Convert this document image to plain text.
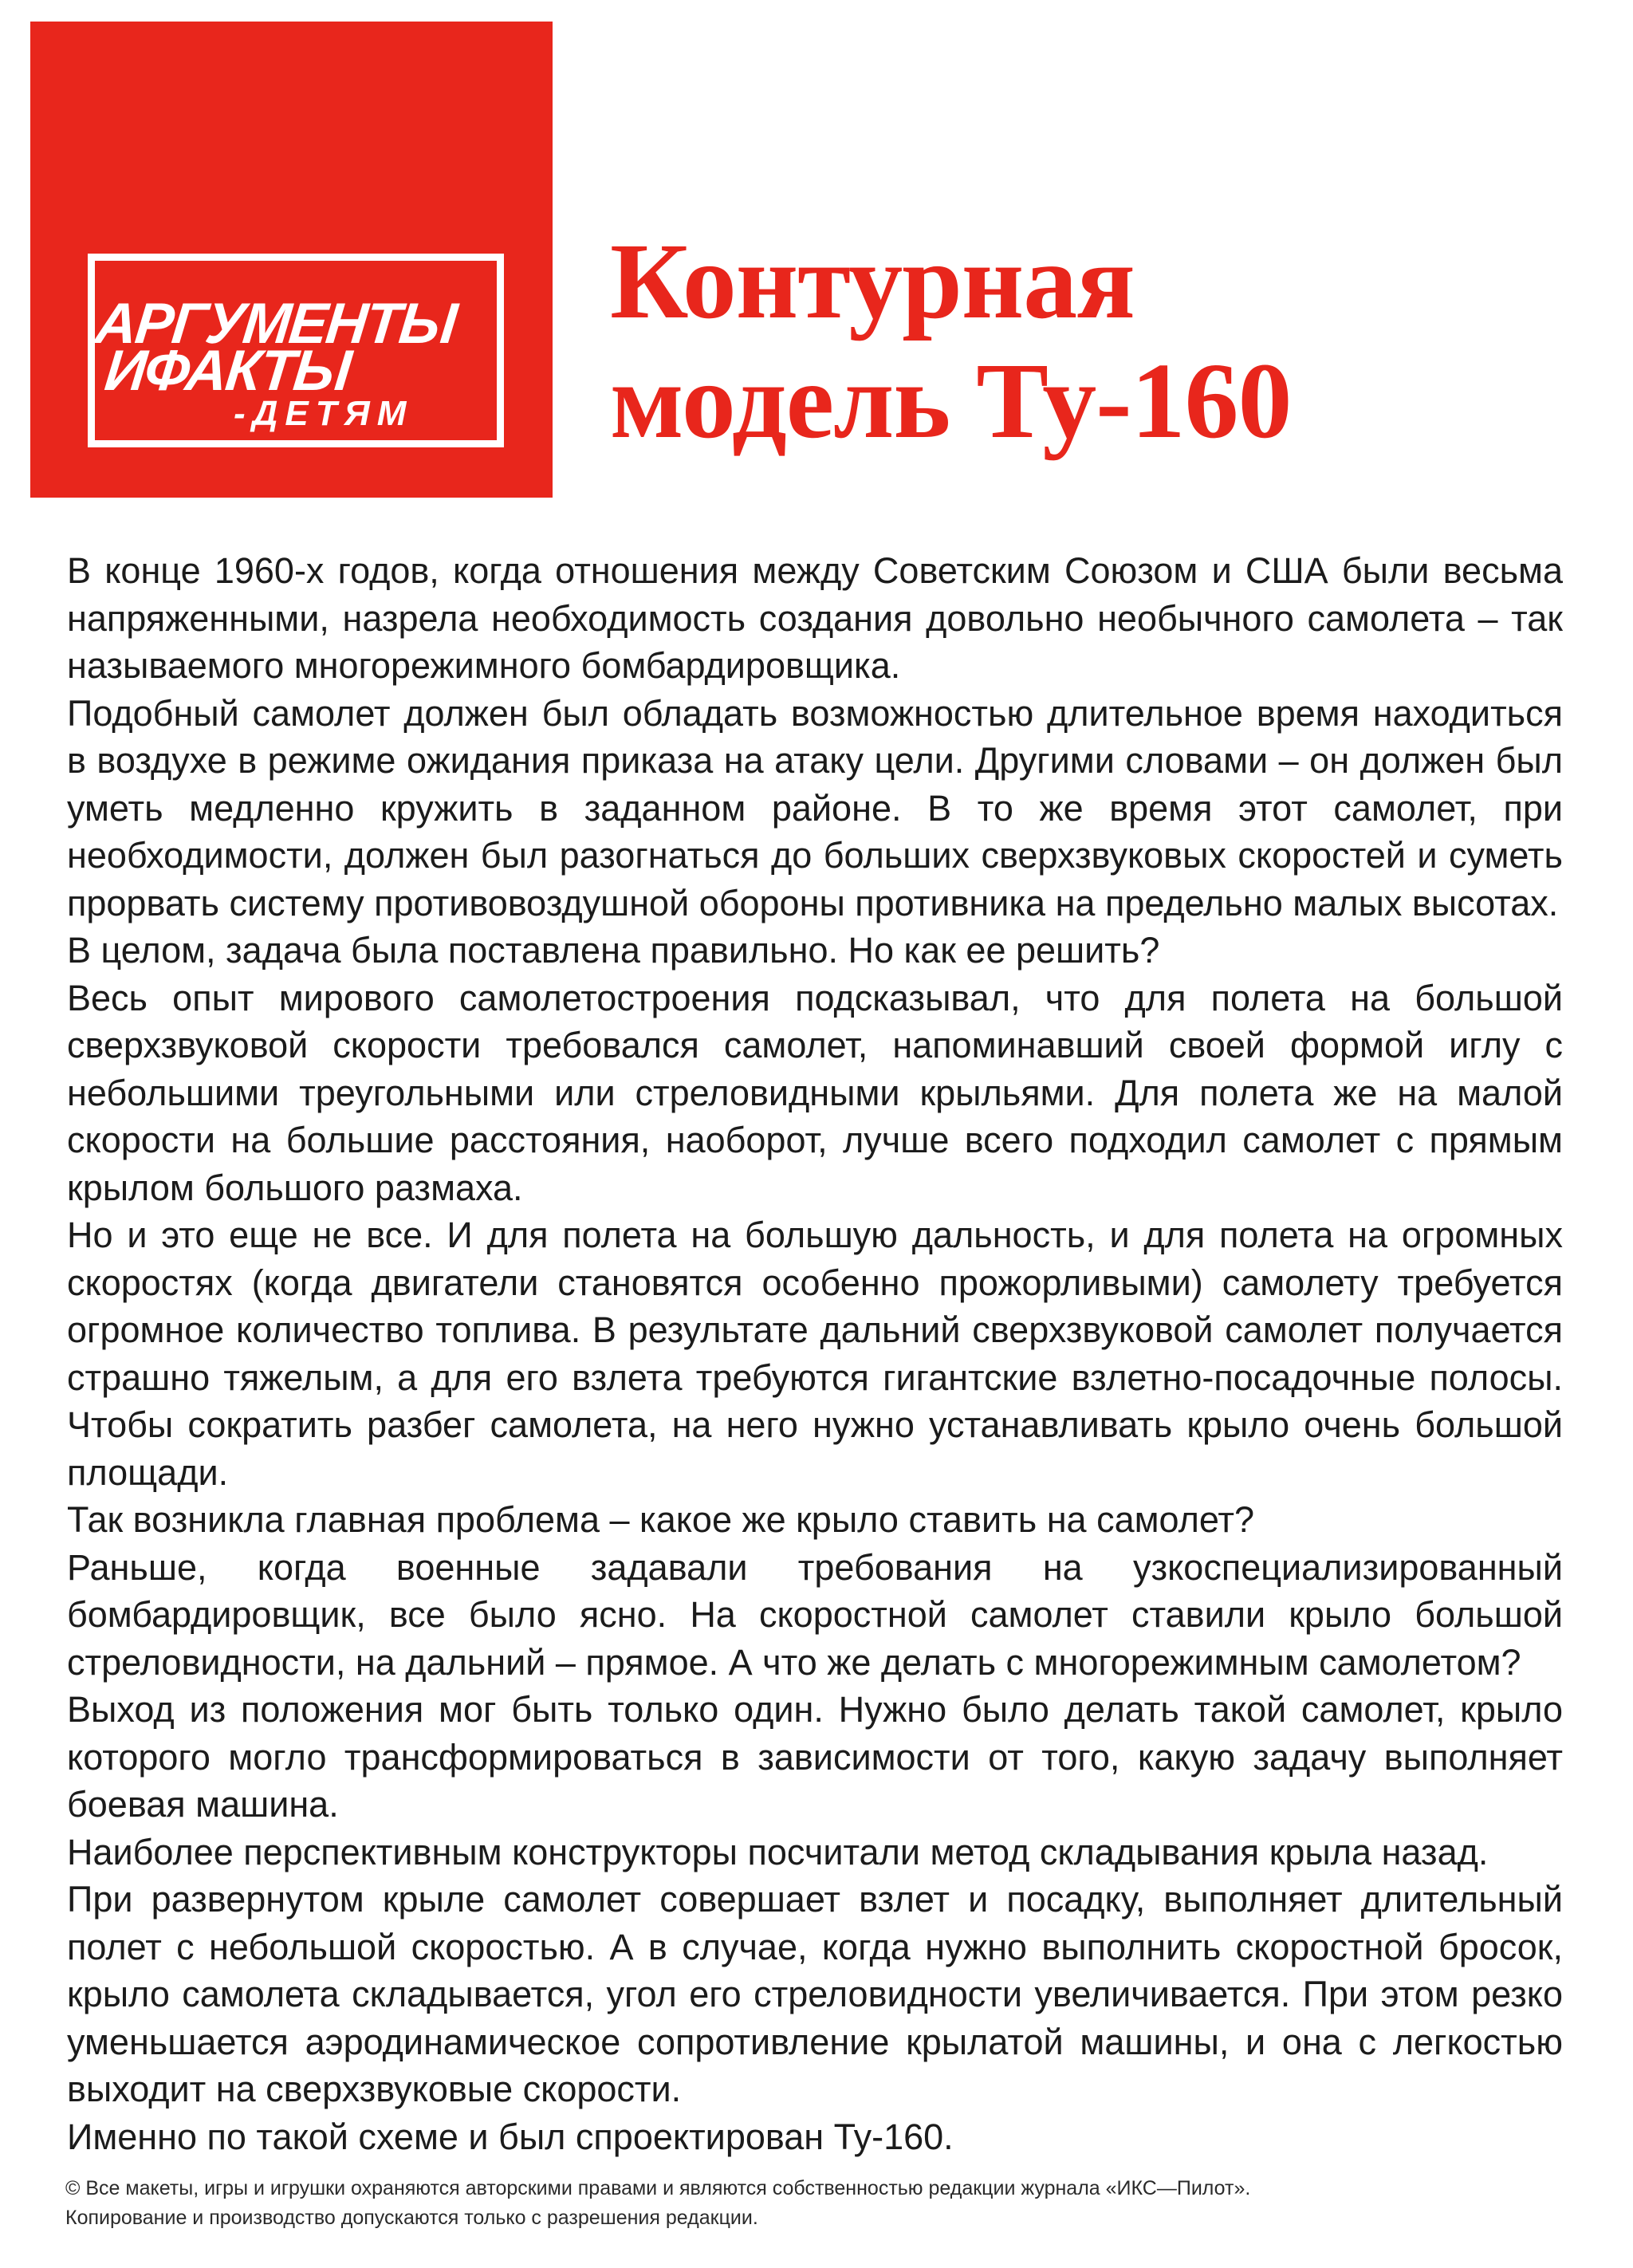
АРГУМЕНТЫ
ИФАКТЫ
-ДЕТЯМ
Контурная
модель Ту-160

В конце 1960-х годов, когда отношения между Советским Союзом и США были весьма напряженными, назрела необходимость создания довольно необычного самолета – так называемого многорежимного бомбардировщика.

Подобный самолет должен был обладать возможностью длительное время находиться в воздухе в режиме ожидания приказа на атаку цели. Другими словами – он должен был уметь медленно кружить в заданном районе. В то же время этот самолет, при необходимости, должен был разогнаться до больших сверхзвуковых скоростей и суметь прорвать систему противовоздушной обороны противника на предельно малых высотах.

В целом, задача была поставлена правильно. Но как ее решить?

Весь опыт мирового самолетостроения подсказывал, что для полета на большой сверхзвуковой скорости требовался самолет, напоминавший своей формой иглу с небольшими треугольными или стреловидными крыльями. Для полета же на малой скорости на большие расстояния, наоборот, лучше всего подходил самолет с прямым крылом большого размаха.

Но и это еще не все. И для полета на большую дальность, и для полета на огромных скоростях (когда двигатели становятся особенно прожорливыми) самолету требуется огромное количество топлива. В результате дальний сверхзвуковой самолет получается страшно тяжелым, а для его взлета требуются гигантские взлетно-посадочные полосы. Чтобы сократить разбег самолета, на него нужно устанавливать крыло очень большой площади.

Так возникла главная проблема – какое же крыло ставить на самолет?

Раньше, когда военные задавали требования на узкоспециализированный бомбардировщик, все было ясно. На скоростной самолет ставили крыло большой стреловидности, на дальний – прямое. А что же делать с многорежимным самолетом?

Выход из положения мог быть только один. Нужно было делать такой самолет, крыло которого могло трансформироваться в зависимости от того, какую задачу выполняет боевая машина.

Наиболее перспективным конструкторы посчитали метод складывания крыла назад.

При развернутом крыле самолет совершает взлет и посадку, выполняет длительный полет с небольшой скоростью. А в случае, когда нужно выполнить скоростной бросок, крыло самолета складывается, угол его стреловидности увеличивается. При этом резко уменьшается аэродинамическое сопротивление крылатой машины, и она с легкостью выходит на сверхзвуковые скорости.

Именно по такой схеме и был спроектирован Ту-160.

© Все макеты, игры и игрушки охраняются авторскими правами и являются собственностью редакции журнала «ИКС—Пилот».

Копирование и производство допускаются только с разрешения редакции.
